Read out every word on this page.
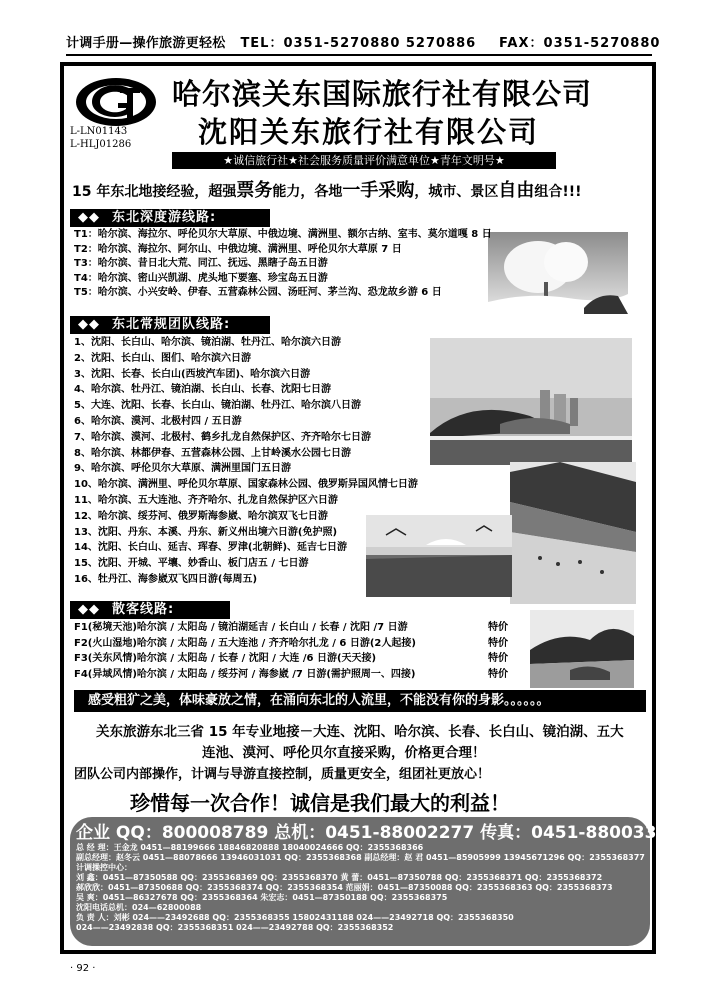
计调手册—操作旅游更轻松 TEL：0351-5270880 5270886 FAX：0351-5270880
L-LN01143
L-HLJ01286
哈尔滨关东国际旅行社有限公司
沈阳关东旅行社有限公司
★诚信旅行社★社会服务质量评价满意单位★青年文明号★
15 年东北地接经验，超强票务能力，各地一手采购，城市、景区自由组合!!!
◆◆ 东北深度游线路:
T1：哈尔滨、海拉尔、呼伦贝尔大草原、中俄边境、满洲里、额尔古纳、室韦、莫尔道嘎 8 日
T2：哈尔滨、海拉尔、阿尔山、中俄边境、满洲里、呼伦贝尔大草原 7 日
T3：哈尔滨、昔日北大荒、同江、抚远、黑瞎子岛五日游
T4：哈尔滨、密山兴凯湖、虎头地下要塞、珍宝岛五日游
T5：哈尔滨、小兴安岭、伊春、五营森林公园、汤旺河、茅兰沟、恐龙故乡游 6 日
◆◆ 东北常规团队线路:
1、沈阳、长白山、哈尔滨、镜泊湖、牡丹江、哈尔滨六日游
2、沈阳、长白山、图们、哈尔滨六日游
3、沈阳、长春、长白山(西坡汽车团)、哈尔滨六日游
4、哈尔滨、牡丹江、镜泊湖、长白山、长春、沈阳七日游
5、大连、沈阳、长春、长白山、镜泊湖、牡丹江、哈尔滨八日游
6、哈尔滨、漠河、北极村四 / 五日游
7、哈尔滨、漠河、北极村、鹤乡扎龙自然保护区、齐齐哈尔七日游
8、哈尔滨、林都伊春、五营森林公园、上甘岭溪水公园七日游
9、哈尔滨、呼伦贝尔大草原、满洲里国门五日游
10、哈尔滨、满洲里、呼伦贝尔草原、国家森林公园、俄罗斯异国风情七日游
11、哈尔滨、五大连池、齐齐哈尔、扎龙自然保护区六日游
12、哈尔滨、绥芬河、俄罗斯海参崴、哈尔滨双飞七日游
13、沈阳、丹东、本溪、丹东、新义州出境六日游(免护照)
14、沈阳、长白山、延吉、珲春、罗津(北朝鲜)、延吉七日游
15、沈阳、开城、平壤、妙香山、板门店五 / 七日游
16、牡丹江、海参崴双飞四日游(每周五)
◆◆ 散客线路:
F1(秘境天池)哈尔滨 / 太阳岛 / 镜泊湖延吉 / 长白山 / 长春 / 沈阳 /7 日游	特价
F2(火山湿地)哈尔滨 / 太阳岛 / 五大连池 / 齐齐哈尔扎龙 / 6 日游(2人起接)	特价
F3(关东风情)哈尔滨 / 太阳岛 / 长春 / 沈阳 / 大连 /6 日游(天天接)	特价
F4(异域风情)哈尔滨 / 太阳岛 / 绥芬河 / 海参崴 /7 日游(需护照周一、四接)	特价
感受粗犷之美，体味豪放之情，在涌向东北的人流里，不能没有你的身影。。。。。。
关东旅游东北三省 15 年专业地接－大连、沈阳、哈尔滨、长春、长白山、镜泊湖、五大
连池、漠河、呼伦贝尔直接采购，价格更合理！
团队公司内部操作，计调与导游直接控制，质量更安全，组团社更放心！
珍惜每一次合作！诚信是我们最大的利益！
企业 QQ：800008789 总机：0451-88002277 传真：0451-88003377
总 经 理：王金龙 0451—88199666 18846820888 18040024666 QQ：2355368366
副总经理：赵冬云 0451—88078666 13946031031 QQ：2355368368 副总经理：赵 君 0451—85905999 13945671296 QQ：2355368377
计调操控中心：
刘 鑫：0451—87350588 QQ：2355368369 QQ：2355368370 黄 蕾：0451—87350788 QQ：2355368371 QQ：2355368372
郝欣欣：0451—87350688 QQ：2355368374 QQ：2355368354 范丽娟：0451—87350088 QQ：2355368363 QQ：2355368373
吴 爽：0451—86327678 QQ：2355368364 朱宏志：0451—87350188 QQ：2355368375
沈阳电话总机：024—62800088
负 责 人：刘彬 024——23492688 QQ：2355368355 15802431188 024——23492718 QQ：2355368350
024——23492838 QQ：2355368351 024——23492788 QQ：2355368352
· 92 ·
